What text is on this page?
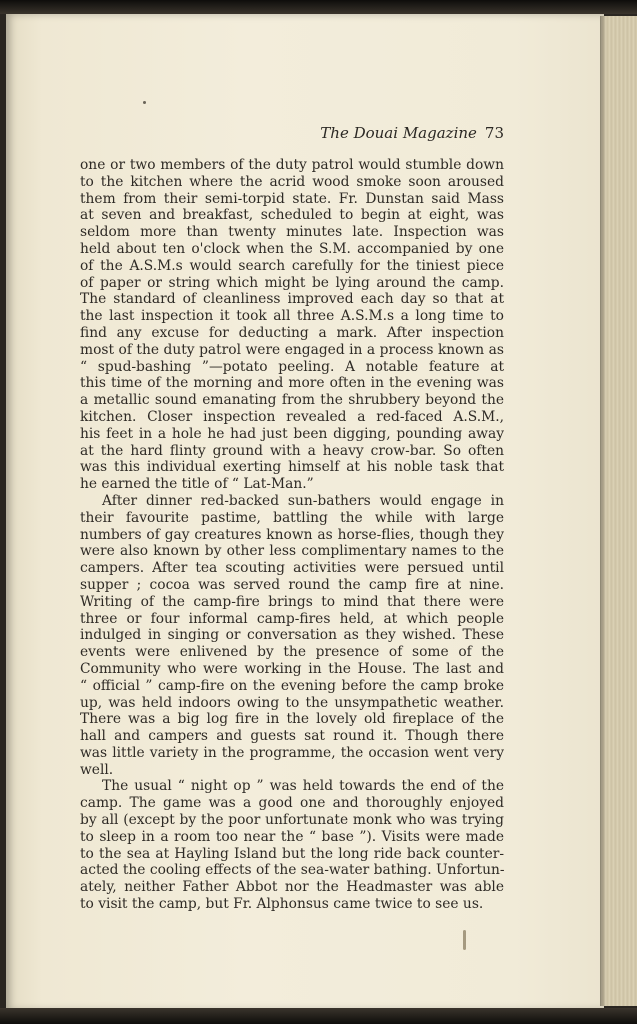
The Douai Magazine 73
one or two members of the duty patrol would stumble down
to the kitchen where the acrid wood smoke soon aroused
them from their semi-torpid state. Fr. Dunstan said Mass
at seven and breakfast, scheduled to begin at eight, was
seldom more than twenty minutes late. Inspection was
held about ten o'clock when the S.M. accompanied by one
of the A.S.M.s would search carefully for the tiniest piece
of paper or string which might be lying around the camp.
The standard of cleanliness improved each day so that at
the last inspection it took all three A.S.M.s a long time to
find any excuse for deducting a mark. After inspection
most of the duty patrol were engaged in a process known as
“ spud-bashing ”—potato peeling. A notable feature at
this time of the morning and more often in the evening was
a metallic sound emanating from the shrubbery beyond the
kitchen. Closer inspection revealed a red-faced A.S.M.,
his feet in a hole he had just been digging, pounding away
at the hard flinty ground with a heavy crow-bar. So often
was this individual exerting himself at his noble task that
he earned the title of “ Lat-Man.”
After dinner red-backed sun-bathers would engage in
their favourite pastime, battling the while with large
numbers of gay creatures known as horse-flies, though they
were also known by other less complimentary names to the
campers. After tea scouting activities were persued until
supper ; cocoa was served round the camp fire at nine.
Writing of the camp-fire brings to mind that there were
three or four informal camp-fires held, at which people
indulged in singing or conversation as they wished. These
events were enlivened by the presence of some of the
Community who were working in the House. The last and
“ official ” camp-fire on the evening before the camp broke
up, was held indoors owing to the unsympathetic weather.
There was a big log fire in the lovely old fireplace of the
hall and campers and guests sat round it. Though there
was little variety in the programme, the occasion went very
well.
The usual “ night op ” was held towards the end of the
camp. The game was a good one and thoroughly enjoyed
by all (except by the poor unfortunate monk who was trying
to sleep in a room too near the “ base ”). Visits were made
to the sea at Hayling Island but the long ride back counter-
acted the cooling effects of the sea-water bathing. Unfortun-
ately, neither Father Abbot nor the Headmaster was able
to visit the camp, but Fr. Alphonsus came twice to see us.
